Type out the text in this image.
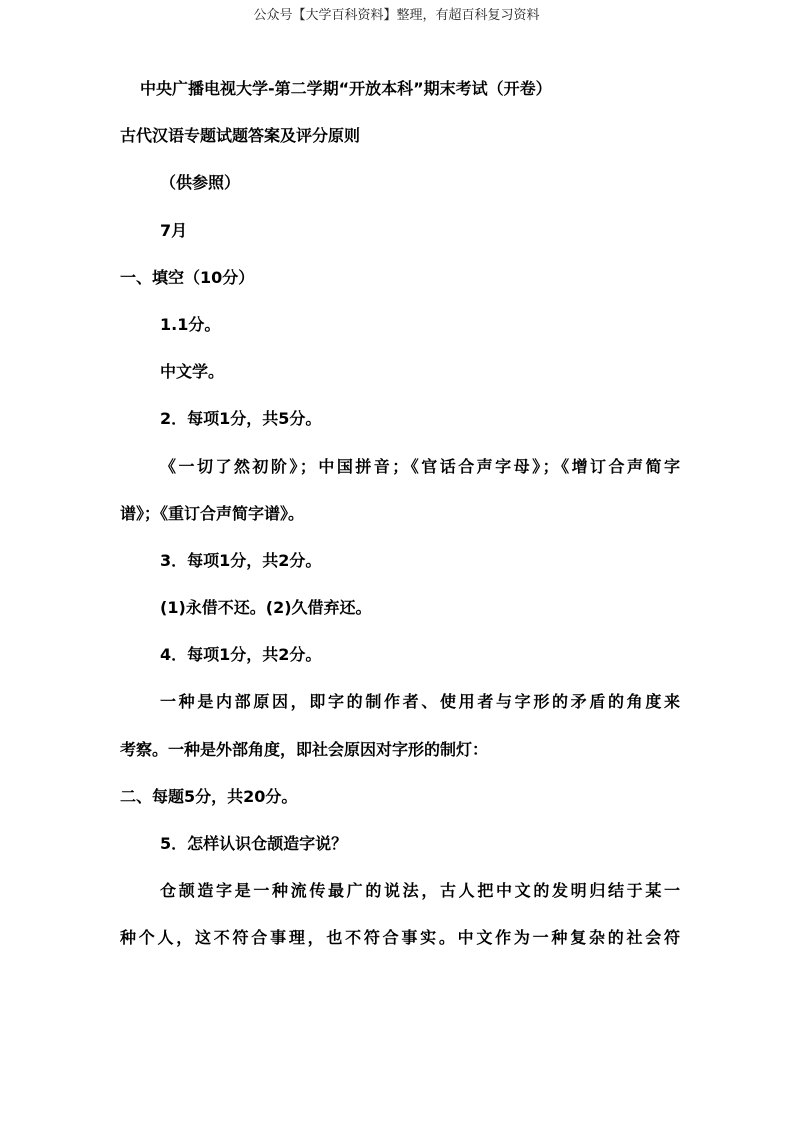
公众号【大学百科资料】整理，有超百科复习资料
中央广播电视大学-第二学期“开放本科”期末考试（开卷）
古代汉语专题试题答案及评分原则
（供参照）
7月
一、填空（10分）
1.1分。
中文学。
2．每项1分，共5分。
《一切了然初阶》；中国拼音；《官话合声字母》；《增订合声简字
谱》；《重订合声简字谱》。
3．每项1分，共2分。
(1)永借不还。(2)久借弃还。
4．每项1分，共2分。
一种是内部原因，即字的制作者、使用者与字形的矛盾的角度来
考察。一种是外部角度，即社会原因对字形的制灯：
二、每题5分，共20分。
5．怎样认识仓颉造字说？
仓颉造字是一种流传最广的说法，古人把中文的发明归结于某一
种个人，这不符合事理，也不符合事实。中文作为一种复杂的社会符
